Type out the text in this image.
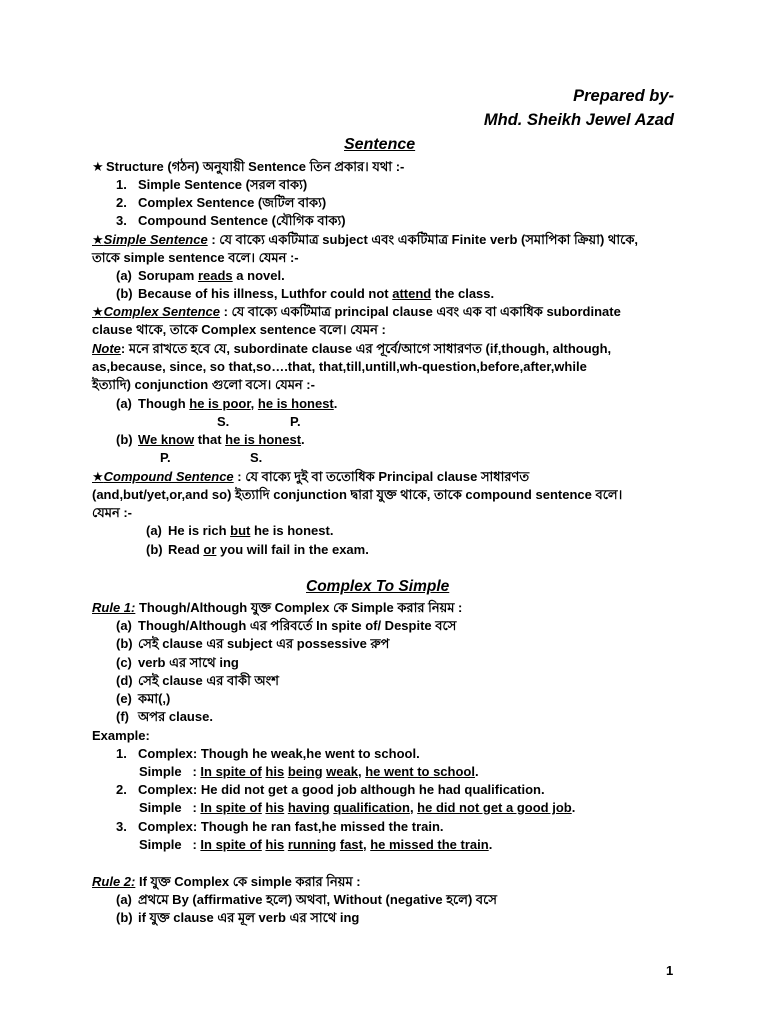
Prepared by-
Mhd. Sheikh Jewel Azad
Sentence
★ Structure (গঠন) অনুযায়ী Sentence তিন প্রকার। যথা :-
1. Simple Sentence (সরল বাক্য)
2. Complex Sentence (জটিল বাক্য)
3. Compound Sentence (যৌগিক বাক্য)
★Simple Sentence : যে বাক্যে একটিমাত্র subject এবং একটিমাত্র Finite verb (সমাপিকা ক্রিয়া) থাকে,
তাকে simple sentence বলে। যেমন :-
(a) Sorupam reads a novel.
(b) Because of his illness, Luthfor could not attend the class.
★Complex Sentence : যে বাক্যে একটিমাত্র principal clause এবং এক বা একাধিক subordinate
clause থাকে, তাকে Complex sentence বলে। যেমন :
Note: মনে রাখতে হবে যে, subordinate clause এর পূর্বে/আগে সাধারণত (if,though, although,
as,because, since, so that,so….that, that,till,untill,wh-question,before,after,while
ইত্যাদি) conjunction গুলো বসে। যেমন :-
(a) Though he is poor, he is honest.
S.	P.
(b) We know that he is honest.
P.	S.
★Compound Sentence : যে বাক্যে দুই বা ততোধিক Principal clause সাধারণত
(and,but/yet,or,and so) ইত্যাদি conjunction দ্বারা যুক্ত থাকে, তাকে compound sentence বলে।
যেমন :-
(a) He is rich but he is honest.
(b) Read or you will fail in the exam.
Complex To Simple
Rule 1: Though/Although যুক্ত Complex কে Simple করার নিয়ম :
(a) Though/Although এর পরিবর্তে In spite of/ Despite বসে
(b) সেই clause এর subject এর possessive রুপ
(c) verb এর সাথে ing
(d) সেই clause এর বাকী অংশ
(e) কমা(,)
(f) অপর clause.
Example:
1. Complex: Though he weak,he went to school.
Simple   : In spite of his being weak, he went to school.
2. Complex: He did not get a good job although he had qualification.
Simple   : In spite of his having qualification, he did not get a good job.
3. Complex: Though he ran fast,he missed the train.
Simple   : In spite of his running fast, he missed the train.
Rule 2: If যুক্ত Complex কে simple করার নিয়ম :
(a) প্রথমে By (affirmative হলে) অথবা, Without (negative হলে) বসে
(b) if যুক্ত clause এর মূল verb এর সাথে ing
1
